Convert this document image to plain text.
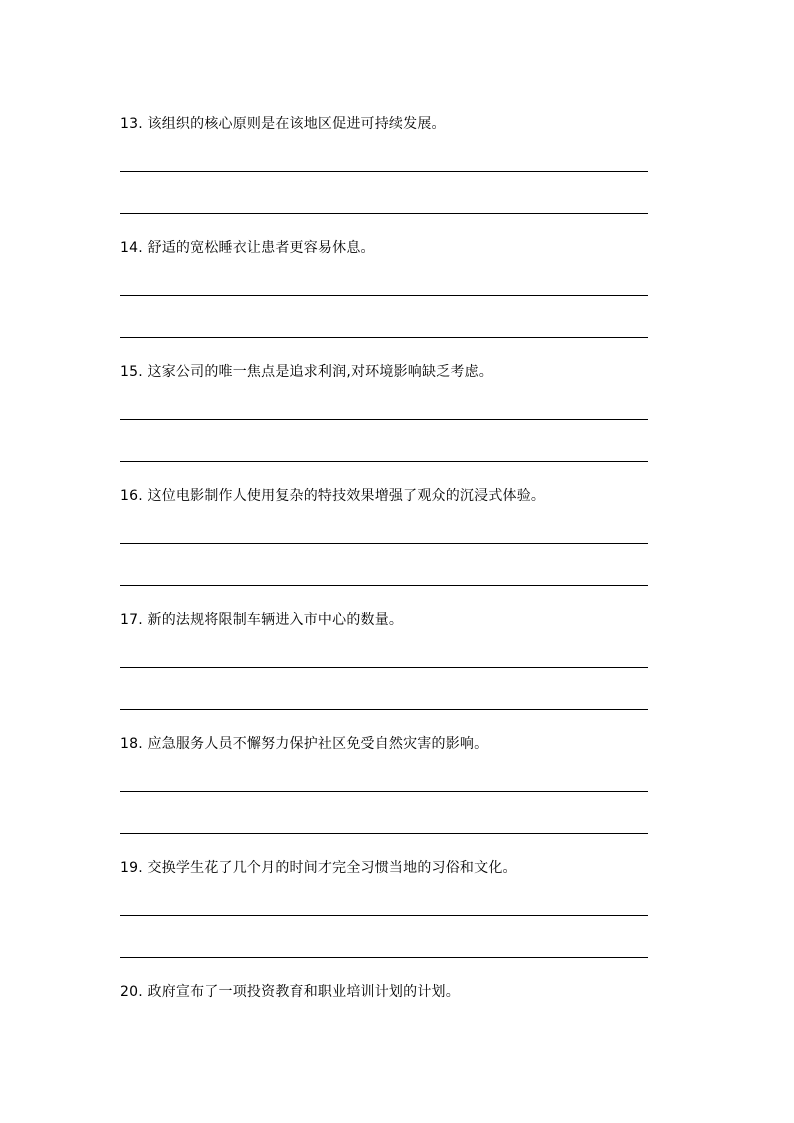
13. 该组织的核心原则是在该地区促进可持续发展。
14. 舒适的宽松睡衣让患者更容易休息。
15. 这家公司的唯一焦点是追求利润,对环境影响缺乏考虑。
16. 这位电影制作人使用复杂的特技效果增强了观众的沉浸式体验。
17. 新的法规将限制车辆进入市中心的数量。
18. 应急服务人员不懈努力保护社区免受自然灾害的影响。
19. 交换学生花了几个月的时间才完全习惯当地的习俗和文化。
20. 政府宣布了一项投资教育和职业培训计划的计划。
